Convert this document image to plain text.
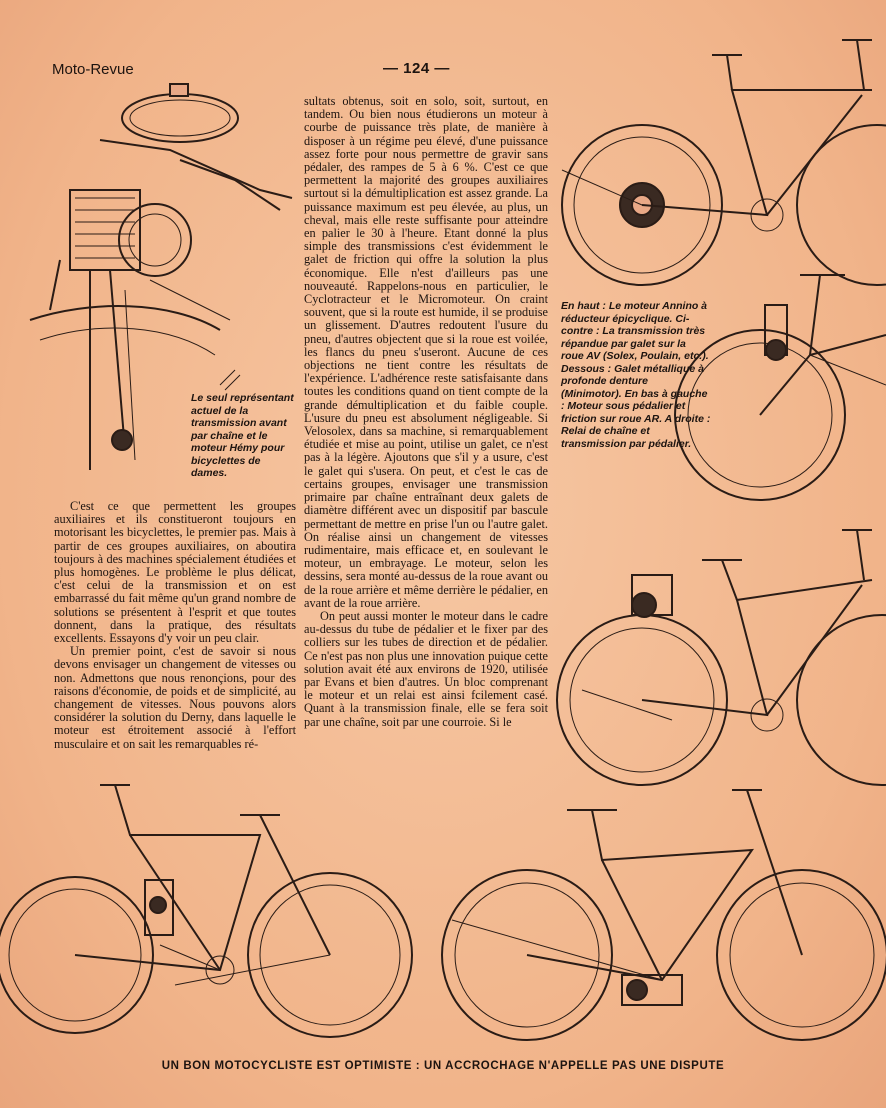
Moto-Revue	— 124 —
Le seul représentant actuel de la transmission avant par chaîne et le moteur Hémy pour bicyclettes de dames.

sultats obtenus, soit en solo, soit, surtout, en tandem. Ou bien nous étudierons un moteur à courbe de puissance très plate, de manière à disposer à un régime peu élevé, d'une puissance assez forte pour nous permettre de gravir sans pédaler, des rampes de 5 à 6 %. C'est ce que permettent la majorité des groupes auxiliaires surtout si la démultiplication est assez grande. La puissance maximum est peu élevée, au plus, un cheval, mais elle reste suffisante pour atteindre en palier le 30 à l'heure. Etant donné la plus simple des transmissions c'est évidemment le galet de friction qui offre la solution la plus économique. Elle n'est d'ailleurs pas une nouveauté. Rappelons-nous en particulier, le Cyclotracteur et le Micromoteur. On craint souvent, que si la route est humide, il se produise un glissement. D'autres redoutent l'usure du pneu, d'autres objectent que si la roue est voilée, les flancs du pneu s'useront. Aucune de ces objections ne tient contre les résultats de l'expérience. L'adhérence reste satisfaisante dans toutes les conditions quand on tient compte de la grande démultiplication et du faible couple. L'usure du pneu est absolument négligeable. Si Velosolex, dans sa machine, si remarquablement étudiée et mise au point, utilise un galet, ce n'est pas à la légère. Ajoutons que s'il y a usure, c'est le galet qui s'usera. On peut, et c'est le cas de certains groupes, envisager une transmission primaire par chaîne entraînant deux galets de diamètre différent avec un dispositif par bascule permettant de mettre en prise l'un ou l'autre galet. On réalise ainsi un changement de vitesses rudimentaire, mais efficace et, en soulevant le moteur, un embrayage. Le moteur, selon les dessins, sera monté au-dessus de la roue avant ou de la roue arrière et même derrière le pédalier, en avant de la roue arrière.

On peut aussi monter le moteur dans le cadre au-dessus du tube de pédalier et le fixer par des colliers sur les tubes de direction et de pédalier. Ce n'est pas non plus une innovation puique cette solution avait été aux environs de 1920, utilisée par Evans et bien d'autres. Un bloc comprenant le moteur et un relai est ainsi fcilement casé. Quant à la transmission finale, elle se fera soit par une chaîne, soit par une courroie. Si le

C'est ce que permettent les groupes auxiliaires et ils constitueront toujours en motorisant les bicyclettes, le premier pas. Mais à partir de ces groupes auxiliaires, on aboutira toujours à des machines spécialement étudiées et plus homogènes. Le problème le plus délicat, c'est celui de la transmission et on est embarrassé du fait même qu'un grand nombre de solutions se présentent à l'esprit et que toutes donnent, dans la pratique, des résultats excellents. Essayons d'y voir un peu clair.

Un premier point, c'est de savoir si nous devons envisager un changement de vitesses ou non. Admettons que nous renonçions, pour des raisons d'économie, de poids et de simplicité, au changement de vitesses. Nous pouvons alors considérer la solution du Derny, dans laquelle le moteur est étroitement associé à l'effort musculaire et on sait les remarquables ré-

En haut : Le moteur Annino à réducteur épicyclique. Ci-contre : La transmission très répandue par galet sur la roue AV (Solex, Poulain, etc.). Dessous : Galet métallique à profonde denture (Minimotor). En bas à gauche : Moteur sous pédalier et friction sur roue AR. A droite : Relai de chaîne et transmission par pédalier.
UN BON MOTOCYCLISTE EST OPTIMISTE : UN ACCROCHAGE N'APPELLE PAS UNE DISPUTE
